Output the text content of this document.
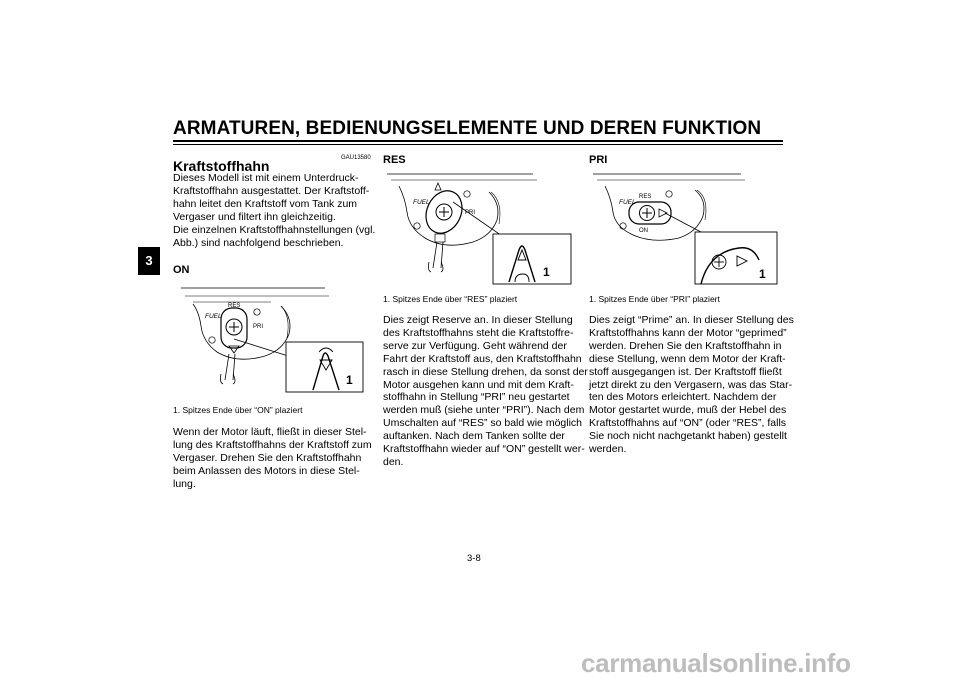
ARMATUREN, BEDIENUNGSELEMENTE UND DEREN FUNKTION
3
GAU13580
Kraftstoffhahn
Dieses Modell ist mit einem Unterdruck-
Kraftstoffhahn ausgestattet. Der Kraftstoff-
hahn leitet den Kraftstoff vom Tank zum
Vergaser und filtert ihn gleichzeitig.
Die einzelnen Kraftstoffhahnstellungen (vgl.
Abb.) sind nachfolgend beschrieben.
ON
FUEL
RES
PRI
1
1. Spitzes Ende über “ON” plaziert
Wenn der Motor läuft, fließt in dieser Stel-
lung des Kraftstoffhahns der Kraftstoff zum
Vergaser. Drehen Sie den Kraftstoffhahn
beim Anlassen des Motors in diese Stel-
lung.
RES
FUEL
PRI
1
1. Spitzes Ende über “RES” plaziert
Dies zeigt Reserve an. In dieser Stellung
des Kraftstoffhahns steht die Kraftstoffre-
serve zur Verfügung. Geht während der
Fahrt der Kraftstoff aus, den Kraftstoffhahn
rasch in diese Stellung drehen, da sonst der
Motor ausgehen kann und mit dem Kraft-
stoffhahn in Stellung “PRI” neu gestartet
werden muß (siehe unter “PRI”). Nach dem
Umschalten auf “RES” so bald wie möglich
auftanken. Nach dem Tanken sollte der
Kraftstoffhahn wieder auf “ON” gestellt wer-
den.
PRI
FUEL
RES
ON
1
1. Spitzes Ende über “PRI” plaziert
Dies zeigt “Prime” an. In dieser Stellung des
Kraftstoffhahns kann der Motor “geprimed”
werden. Drehen Sie den Kraftstoffhahn in
diese Stellung, wenn dem Motor der Kraft-
stoff ausgegangen ist. Der Kraftstoff fließt
jetzt direkt zu den Vergasern, was das Star-
ten des Motors erleichtert. Nachdem der
Motor gestartet wurde, muß der Hebel des
Kraftstoffhahns auf “ON” (oder “RES”, falls
Sie noch nicht nachgetankt haben) gestellt
werden.
3-8
carmanualsonline.info
